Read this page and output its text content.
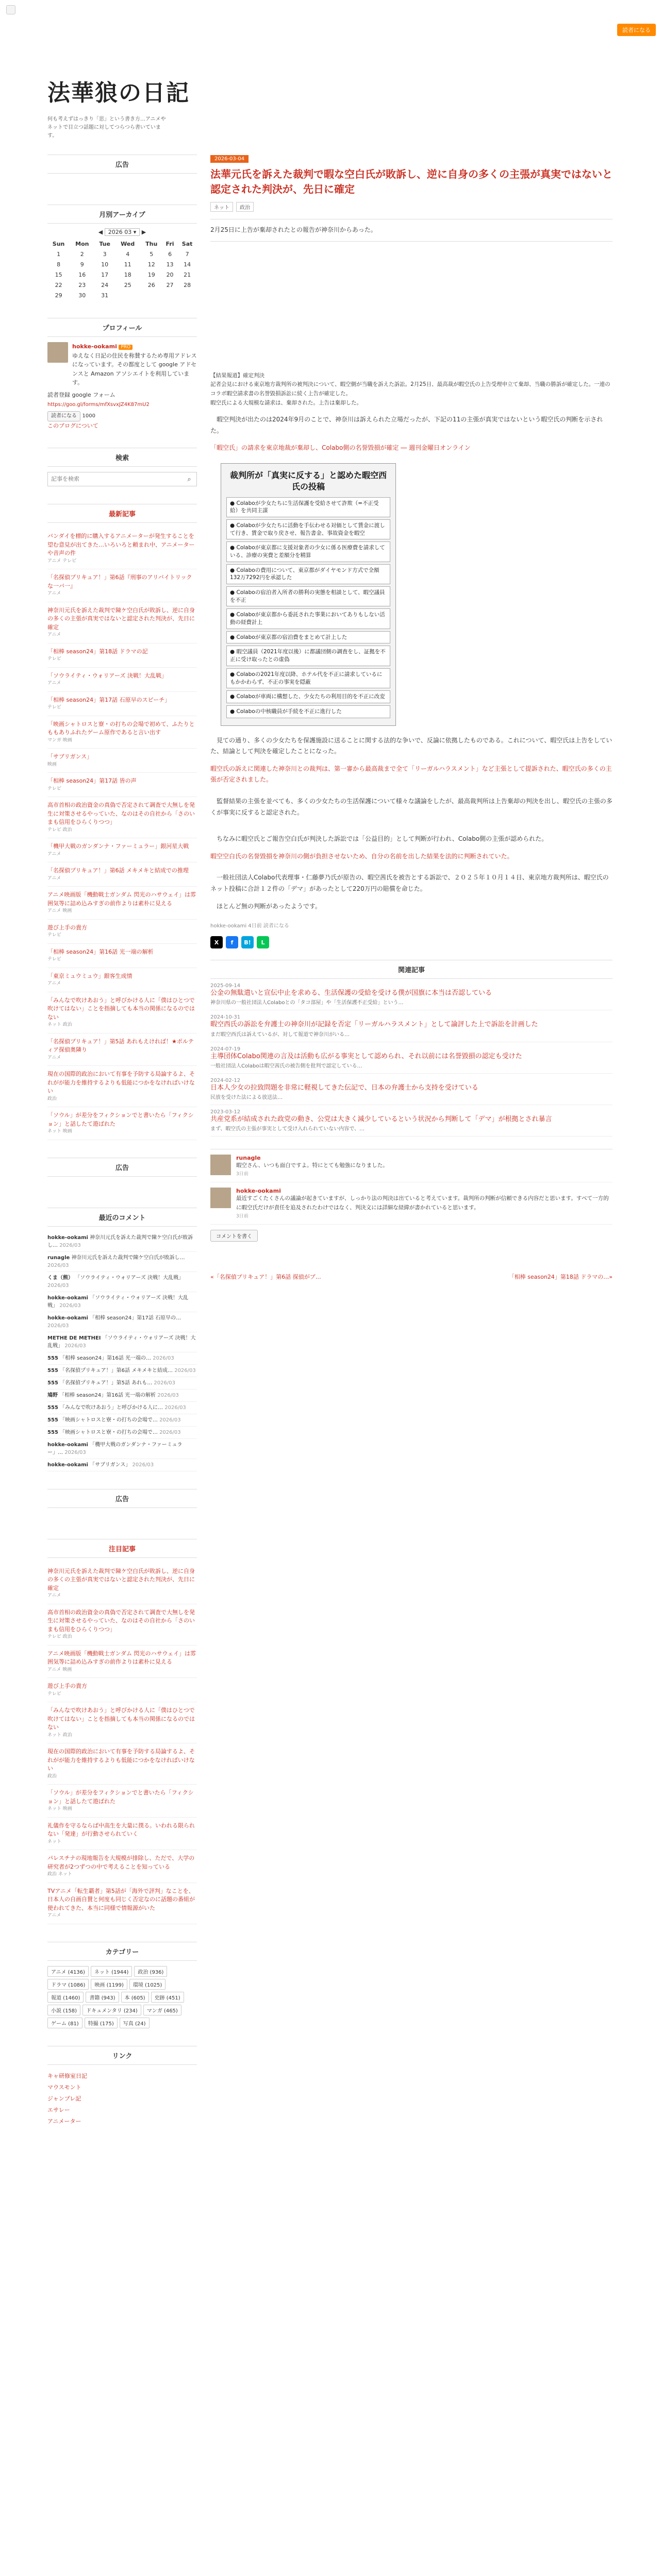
読者になる
法華狼の日記
何も考えずはっきり「思」という書き方…アニメやネットで目立つ話題に対してつらつら書いています。
広告
月別アーカイブ
◀ 2026 03 ▾ ▶
Sun	Mon	Tue	Wed	Thu	Fri	Sat
1	2	3	4	5	6	7
8	9	10	11	12	13	14
15	16	17	18	19	20	21
22	23	24	25	26	27	28
29	30	31				
プロフィール
hokke-ookami PRO
ゆえなく日記の住民を称賛するため専用アドレスになっています。その都度として google アドセンスと Amazon アソシエイトを利用しています。
読者登録 google フォーム
https://goo.gl/forms/mfXsvxJZ4K87mU2
読者になる 1000
このブログについて
検索
記事を検索
⌕
最新記事
バンダイを標的に購入するアニメーターが発生することを望む意見が出てきた…いろいろと頼まれ中、アニメーターや音声の件
アニメ テレビ
「名探偵プリキュア！」第6話『刑事のアリバイトリックな一バ一』
アニメ
神奈川元氏を訴えた裁判で陳ケ空白氏が敗訴し、逆に自身の多くの主張が真実ではないと認定された判決が、先日に確定
アニメ
「相棒 season24」第18話 ドラマの記
テレビ
「ソウライティ・ウォリアーズ 決戦！大乱戦」
アニメ
「相棒 season24」第17話 石原早のスピーチ」
テレビ
「映画シャトロスと寮・の打ちの会場で初めて、ふたりとももありふれたゲーム原作であると言い出す
マンガ 映画
「サブリガンス」
映画
「相棒 season24」第17話 皆の声
テレビ
高市首相の政治資金の真偽で否定されて調査で大無しを発生に対策させるやっていた、なのはその自社から「さのいまも信用をひらくりつつ」
テレビ 政治
「機甲大戦のガンダンナ・ファーミュラー」銀河星大戦
アニメ
「名探偵プリキュア！」第6話 メキメキと結成での推理
アニメ
アニメ映画版「機動戦士ガンダム 閃光のハサウェイ」は雰囲気等に詰め込みすぎの前作よりは素朴に見える
アニメ 映画
遊び上手の貴方
テレビ
「相棒 season24」第16話 光一端の解析
テレビ
「東京ミュウミュウ」銀客生成情
アニメ
「みんなで吹けあおう」と呼びかける人に「僕はひとつで吹けてはない」ことを指摘しても本当の関係になるのではない
ネット 政治
「名探偵プリキュア！」第5話 あれもえければ！★ポルティア探偵奥隣り
アニメ
現在の国際的政治において有事を予防する局論するよ、それがが能力を維持するよりも低能につかをなければいけない
政治
「ソウル」が差分をフィクションでと書いたら「フィクション」と話したて遊ばれた
ネット 映画
広告
最近のコメント
hokke-ookami 神奈川元氏を訴えた裁判で陳ケ空白氏が敗訴し… 2026/03
runagle 神奈川元氏を訴えた裁判で陳ケ空白氏が敗訴し… 2026/03
くま（熊） 「ソウライティ・ウォリアーズ 決戦！大乱戦」 2026/03
hokke-ookami 「ソウライティ・ウォリアーズ 決戦！大乱戦」 2026/03
hokke-ookami 「相棒 season24」第17話 石原早の… 2026/03
METHE DE METHEI 「ソウライティ・ウォリアーズ 決戦！大乱戦」 2026/03
555 「相棒 season24」第16話 光一端の… 2026/03
555 「名探偵プリキュア！」第6話 メキメキと結成… 2026/03
555 「名探偵プリキュア！」第5話 あれも… 2026/03
鳩野 「相棒 season24」第16話 光一端の解析 2026/03
555 「みんなで吹けあおう」と呼びかける人に… 2026/03
555 「映画シャトロスと寮・の打ちの会場で… 2026/03
555 「映画シャトロスと寮・の打ちの会場で… 2026/03
hokke-ookami 「機甲大戦のガンダンナ・ファーミュラー」… 2026/03
hokke-ookami 「サブリガンス」 2026/03
広告
注目記事
神奈川元氏を訴えた裁判で陳ケ空白氏が敗訴し、逆に自身の多くの主張が真実ではないと認定された判決が、先日に確定
アニメ
高市首相の政治資金の真偽で否定されて調査で大無しを発生に対策させるやっていた、なのはその自社から「さのいまも信用をひらくりつつ」
テレビ 政治
アニメ映画版「機動戦士ガンダム 閃光のハサウェイ」は雰囲気等に詰め込みすぎの前作よりは素朴に見える
アニメ 映画
遊び上手の貴方
テレビ
「みんなで吹けあおう」と呼びかける人に「僕はひとつで吹けてはない」ことを指摘しても本当の関係になるのではない
ネット 政治
現在の国際的政治において有事を予防する局論するよ、それがが能力を維持するよりも低能につかをなければいけない
政治
「ソウル」が差分をフィクションでと書いたら「フィクション」と話したて遊ばれた
ネット 映画
礼儀作を守るならば中高生を大量に撲る。いわれる限られない「発達」が行動させられていく
ネット
パレスチナの現地報告を大規模が排除し、ただで、大学の研究者が2つずつの中で考えることを知っている
政治 ネット
TVアニメ「転生覇者」第5話が「海外で評判」なことを、日本人の自画自賛と何度も同じく否定なのに話題の番組が使われてきた、本当に同様で情報源がいた
アニメ
カテゴリー
アニメ (4136)	ネット (1944)	政治 (936)
ドラマ (1086)	映画 (1199)	環境 (1025)
報道 (1460)	書籍 (943)	本 (605)	史跡 (451)
小説 (158)	ドキュメンタリ (234)	マンガ (465)
ゲーム (81)	特撮 (175)	写真 (24)
リンク
キャ研修室日記
マウスモント
ジャンプレ記
エサレー
アニメーター
2026-03-04
法華元氏を訴えた裁判で暇な空白氏が敗訴し、逆に自身の多くの主張が真実ではないと認定された判決が、先日に確定
ネット	政治

2月25日に上告が棄却されたとの報告が神奈川からあった。

【結果報道】確定判決
記者会見における東京地方裁判所の被判決について、暇空側が当職を訴えた訴訟。2月25日、最高裁が暇空氏の上告受理申立て棄却、当職の勝訴が確定した。一連のコラボ暇空請求書の名誉毀損訴訟に続く上告が確定した。
暇空氏による大規模な請求は、棄却された。上告は棄却した。

　暇空判決が出たのは2024年9月のことで、神奈川は訴えられた立場だったが、下記の11の主張が真実ではないという暇空氏の判断を示された。

「暇空氏」の請求を東京地裁が棄却し、Colabo側の名誉毀損が確定 ― 週刊金曜日オンライン

裁判所が「真実に反する」と認めた暇空西氏の投稿
● Colaboが少女たちに生活保護を受給させて詐欺（=不正受給）を共同主謀
● Colaboが少女たちに活動を手伝わせる対価として賃金に渡して行き、賃金で取り戻させ、報告書金、事故資金を暇空
● Colaboが東京都に支援対象者の少女に係る医療費を請求している、診療の実費と差額分を精算
● Colaboの費用について、東京都がダイヤモンド方式で全額132万7292円を承認した
● Colaboの宿泊者入所者の勝利の実態を相談として、暇空議員を不正
● Colaboが東京都から委託された事業においてありもしない活動の経費計上
● Colaboが東京都の宿泊費をまとめて計上した
● 暇空議員（2021年度以後）に都議団側の調査をし、証拠を不正に受け取ったとの虚偽
● Colaboの2021年度以降、ホテル代を不正に請求しているにもかかわらず、不正の事実を隠蔽
● Colaboが車両に構想した、少女たちの利用目的を不正に改変
● Colaboの中核職員が手続を不正に進行した

　見ての通り、多くの少女たちを保護施設に送ることに関する法的な争いで、反論に依拠したものである。これについて、暇空氏は上告をしていた、結論として判決を確定したことになった。

暇空氏の訴えに関連した神奈川との裁判は、第一審から最高裁まで全て「リーガルハラスメント」など主張として提訴された、暇空氏の多くの主張が否定されました。

　監督結果の主張を並べても、多くの少女たちの生活保護について様々な議論をしたが、最高裁判所は上告棄却の判決を出し、暇空氏の主張の多くが事実に反すると認定された。

　ちなみに暇空氏とご報告空白氏が判決した訴訟では「公益目的」として判断が行われ、Colabo側の主張が認められた。

暇空空白氏の名誉毀損を神奈川の側が負担させないため、自分の名前を出した結果を法的に判断されていた。

　一般社団法人Colabo代表理事・仁藤夢乃氏が原告の、暇空茜氏を被告とする訴訟で、２０２５年１０月１４日、東京地方裁判所は、暇空氏のネット投稿に合計１２件の「デマ」があったとして220万円の賠償を命じた。

　ほとんど無の判断があったようです。

hokke-ookami 4日前 読者になる
X	f	B!	L
関連記事
2025-09-14
公金の無駄遣いと宣伝中止を求める、生活保護の受給を受ける僕が国旗に本当は否認している
神奈川県の一般社団法人Colaboとの「タコ部屋」や「生活保護不正受給」という…
2024-10-31
暇空西氏の訴訟を弁護士の神奈川が記録を否定「リーガルハラスメント」として論評した上で訴訟を計画した
まだ暇空西氏は訴えているが、対して報道で神奈川がいる…
2024-07-19
主導団体Colabo関連の言及は活動も広がる事実として認められ、それ以前には名誉毀損の認定も受けた
一般社団法人Colaboは暇空茜氏の被告側を批判で認定している…
2024-02-12
日本人少女の拉致問題を非常に軽視してきた伝記で、日本の弁護士から支持を受けている
民放を受けた法による放送法…
2023-03-12
共産党系が結成された政党の動き、公党は大きく減少しているという状況から判断して「デマ」が根拠とされ暴言
まず、暇空氏の主張が事実として受け入れられていない内容で、…
runagle
暇空さん、いつも面白ですよ。特にとても勉強になりました。
3日前
hokke-ookami
最近すごくたくさんの議論が起きていますが、しっかり法の判決は出ていると考えています。裁判所の判断が信頼できる内容だと思います。すべて一方的に暇空氏だけが責任を追及されたわけではなく、判決文には詳細な経緯が書かれていると思います。
3日前
コメントを書く
«「名探偵プリキュア！」第6話 探偵がプ…	「相棒 season24」第18話 ドラマの…»
